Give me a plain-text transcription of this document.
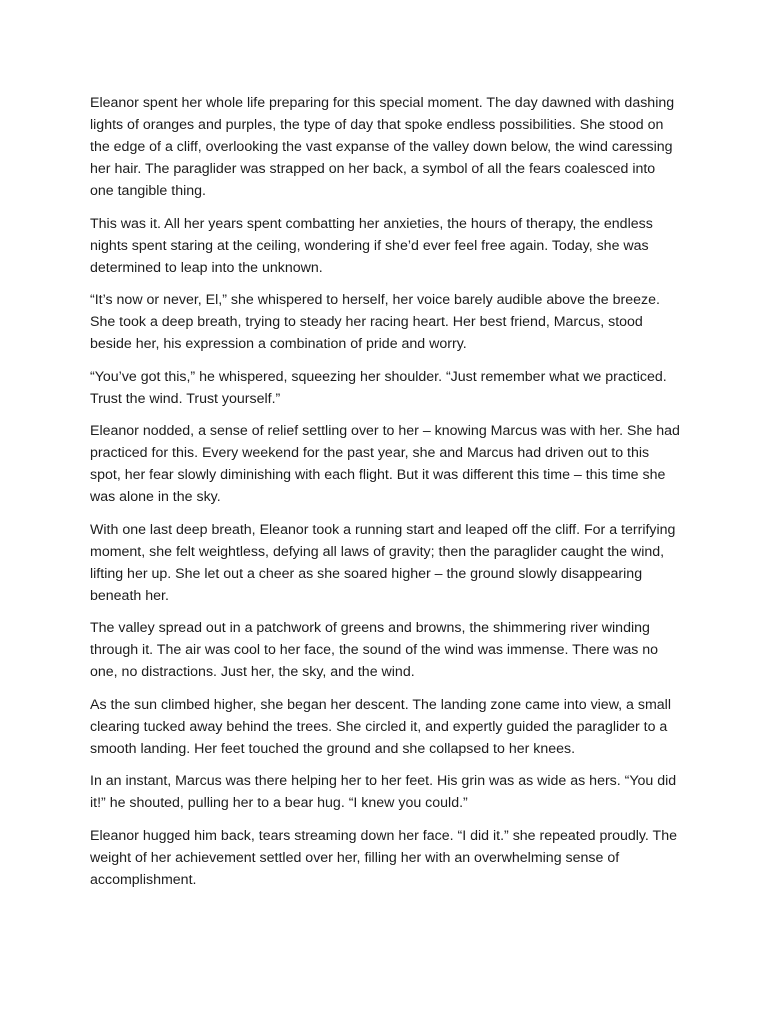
Eleanor spent her whole life preparing for this special moment. The day dawned with dashing lights of oranges and purples, the type of day that spoke endless possibilities. She stood on the edge of a cliff, overlooking the vast expanse of the valley down below, the wind caressing her hair. The paraglider was strapped on her back, a symbol of all the fears coalesced into one tangible thing.

This was it. All her years spent combatting her anxieties, the hours of therapy, the endless nights spent staring at the ceiling, wondering if she’d ever feel free again. Today, she was determined to leap into the unknown.

“It’s now or never, El,” she whispered to herself, her voice barely audible above the breeze. She took a deep breath, trying to steady her racing heart. Her best friend, Marcus, stood beside her, his expression a combination of pride and worry.

“You’ve got this,” he whispered, squeezing her shoulder. “Just remember what we practiced. Trust the wind. Trust yourself.”

Eleanor nodded, a sense of relief settling over to her – knowing Marcus was with her. She had practiced for this. Every weekend for the past year, she and Marcus had driven out to this spot, her fear slowly diminishing with each flight. But it was different this time – this time she was alone in the sky.

With one last deep breath, Eleanor took a running start and leaped off the cliff. For a terrifying moment, she felt weightless, defying all laws of gravity; then the paraglider caught the wind, lifting her up. She let out a cheer as she soared higher – the ground slowly disappearing beneath her.

The valley spread out in a patchwork of greens and browns, the shimmering river winding through it. The air was cool to her face, the sound of the wind was immense. There was no one, no distractions. Just her, the sky, and the wind.

As the sun climbed higher, she began her descent. The landing zone came into view, a small clearing tucked away behind the trees. She circled it, and expertly guided the paraglider to a smooth landing. Her feet touched the ground and she collapsed to her knees.

In an instant, Marcus was there helping her to her feet. His grin was as wide as hers. “You did it!” he shouted, pulling her to a bear hug. “I knew you could.”

Eleanor hugged him back, tears streaming down her face. “I did it.” she repeated proudly. The weight of her achievement settled over her, filling her with an overwhelming sense of accomplishment.
